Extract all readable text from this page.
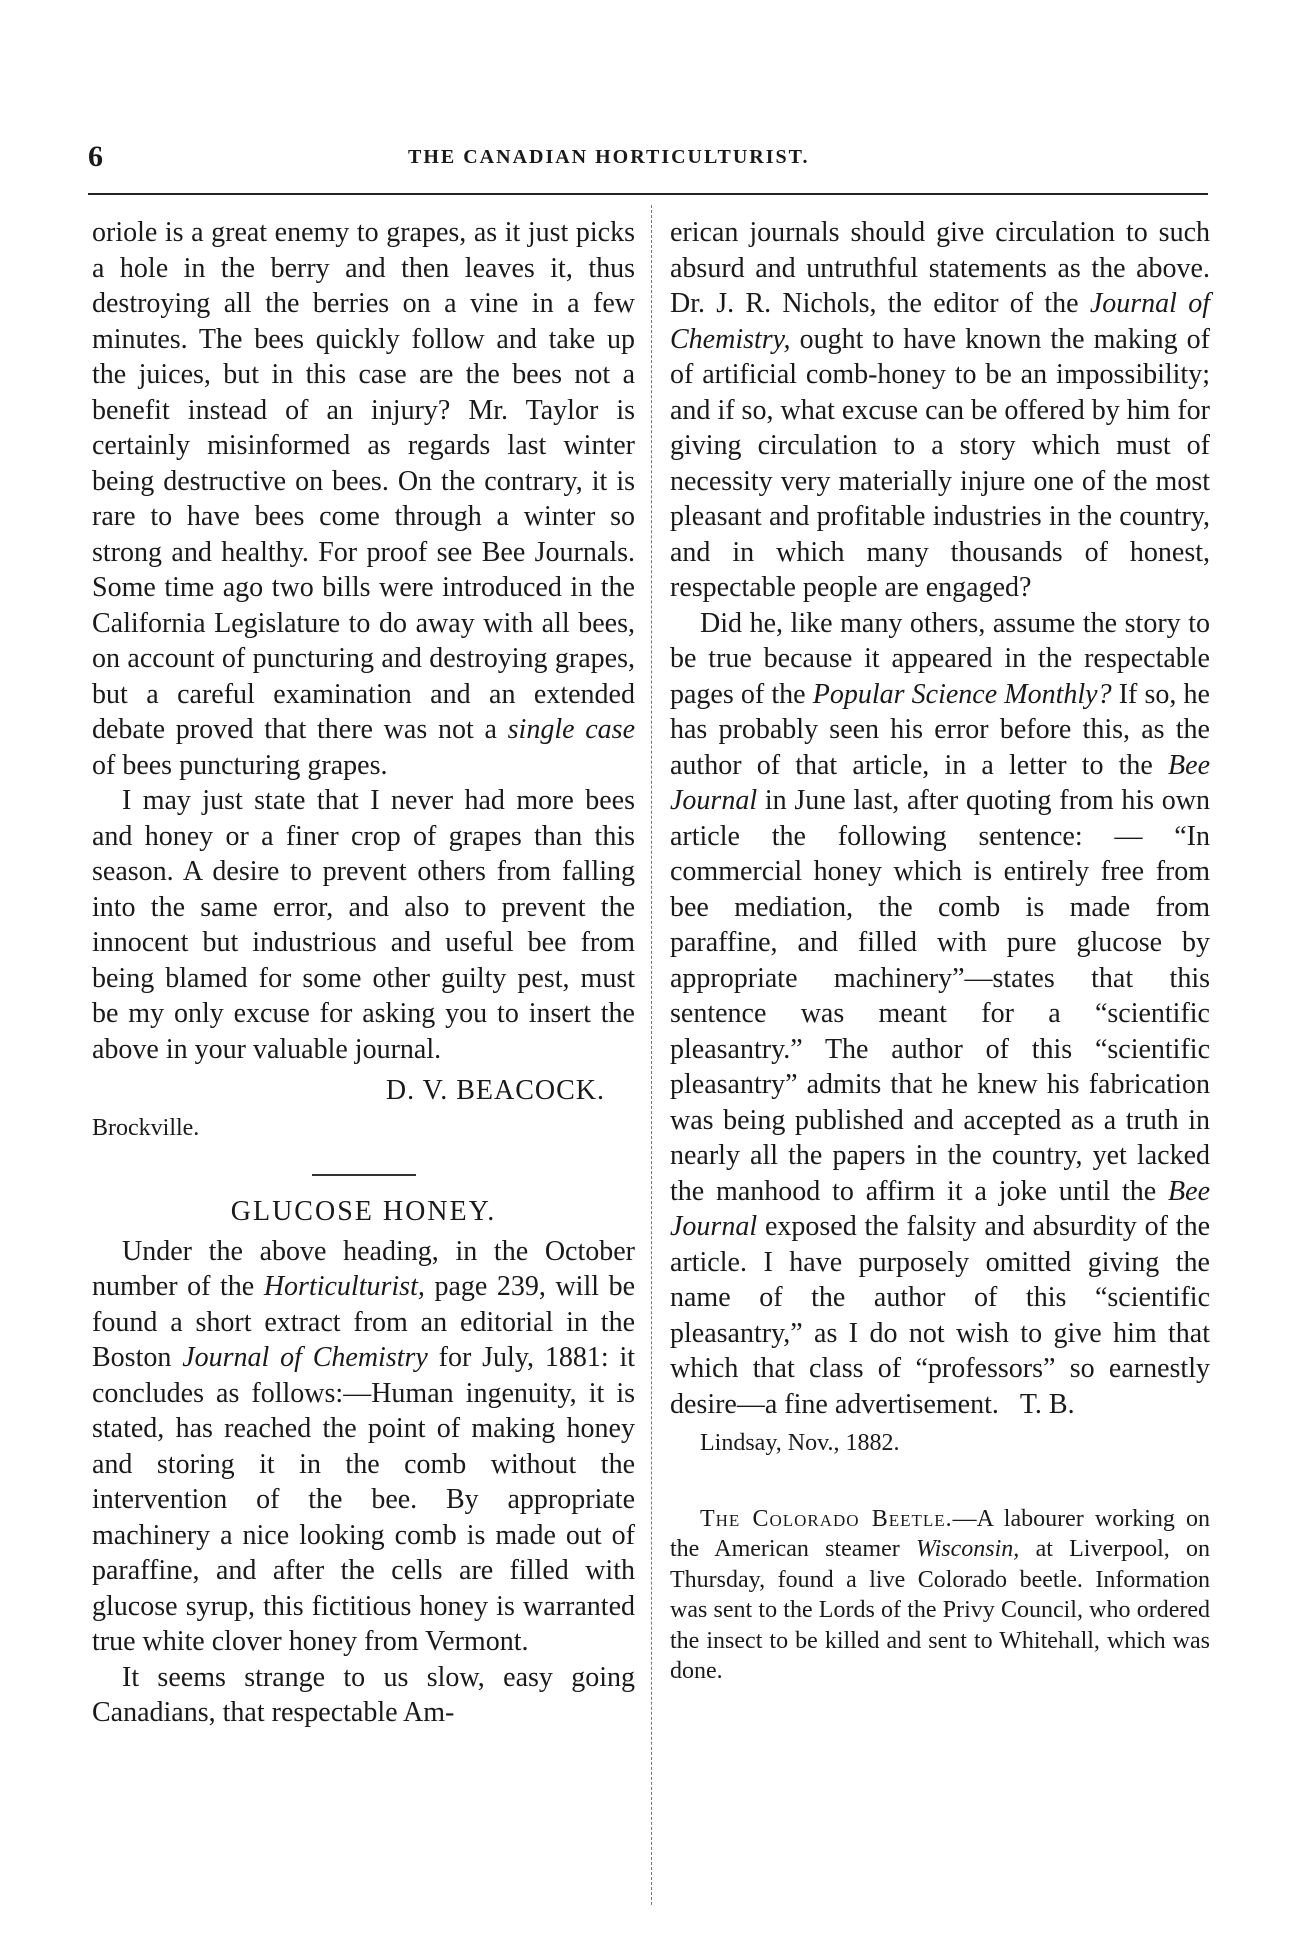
6	THE CANADIAN HORTICULTURIST.

oriole is a great enemy to grapes, as it just picks a hole in the berry and then leaves it, thus destroying all the berries on a vine in a few minutes. The bees quickly follow and take up the juices, but in this case are the bees not a benefit instead of an injury? Mr. Taylor is certainly misinformed as regards last winter being destructive on bees. On the contrary, it is rare to have bees come through a winter so strong and healthy. For proof see Bee Journals. Some time ago two bills were introduced in the California Legislature to do away with all bees, on account of puncturing and destroying grapes, but a careful examination and an extended debate proved that there was not a single case of bees puncturing grapes.

I may just state that I never had more bees and honey or a finer crop of grapes than this season. A desire to prevent others from falling into the same error, and also to prevent the innocent but industrious and useful bee from being blamed for some other guilty pest, must be my only excuse for asking you to insert the above in your valuable journal.

D. V. BEACOCK.

Brockville.

GLUCOSE HONEY.

Under the above heading, in the October number of the Horticulturist, page 239, will be found a short extract from an editorial in the Boston Journal of Chemistry for July, 1881: it concludes as follows:—Human ingenuity, it is stated, has reached the point of making honey and storing it in the comb without the intervention of the bee. By appropriate machinery a nice looking comb is made out of paraffine, and after the cells are filled with glucose syrup, this fictitious honey is warranted true white clover honey from Vermont.

It seems strange to us slow, easy going Canadians, that respectable Am-

erican journals should give circulation to such absurd and untruthful statements as the above. Dr. J. R. Nichols, the editor of the Journal of Chemistry, ought to have known the making of of artificial comb-honey to be an impossibility; and if so, what excuse can be offered by him for giving circulation to a story which must of necessity very materially injure one of the most pleasant and profitable industries in the country, and in which many thousands of honest, respectable people are engaged?

Did he, like many others, assume the story to be true because it appeared in the respectable pages of the Popular Science Monthly? If so, he has probably seen his error before this, as the author of that article, in a letter to the Bee Journal in June last, after quoting from his own article the following sentence: — “In commercial honey which is entirely free from bee mediation, the comb is made from paraffine, and filled with pure glucose by appropriate machinery”—states that this sentence was meant for a “scientific pleasantry.” The author of this “scientific pleasantry” admits that he knew his fabrication was being published and accepted as a truth in nearly all the papers in the country, yet lacked the manhood to affirm it a joke until the Bee Journal exposed the falsity and absurdity of the article. I have purposely omitted giving the name of the author of this “scientific pleasantry,” as I do not wish to give him that which that class of “professors” so earnestly desire—a fine advertisement. T. B.

Lindsay, Nov., 1882.

The Colorado Beetle.—A labourer working on the American steamer Wisconsin, at Liverpool, on Thursday, found a live Colorado beetle. Information was sent to the Lords of the Privy Council, who ordered the insect to be killed and sent to Whitehall, which was done.
